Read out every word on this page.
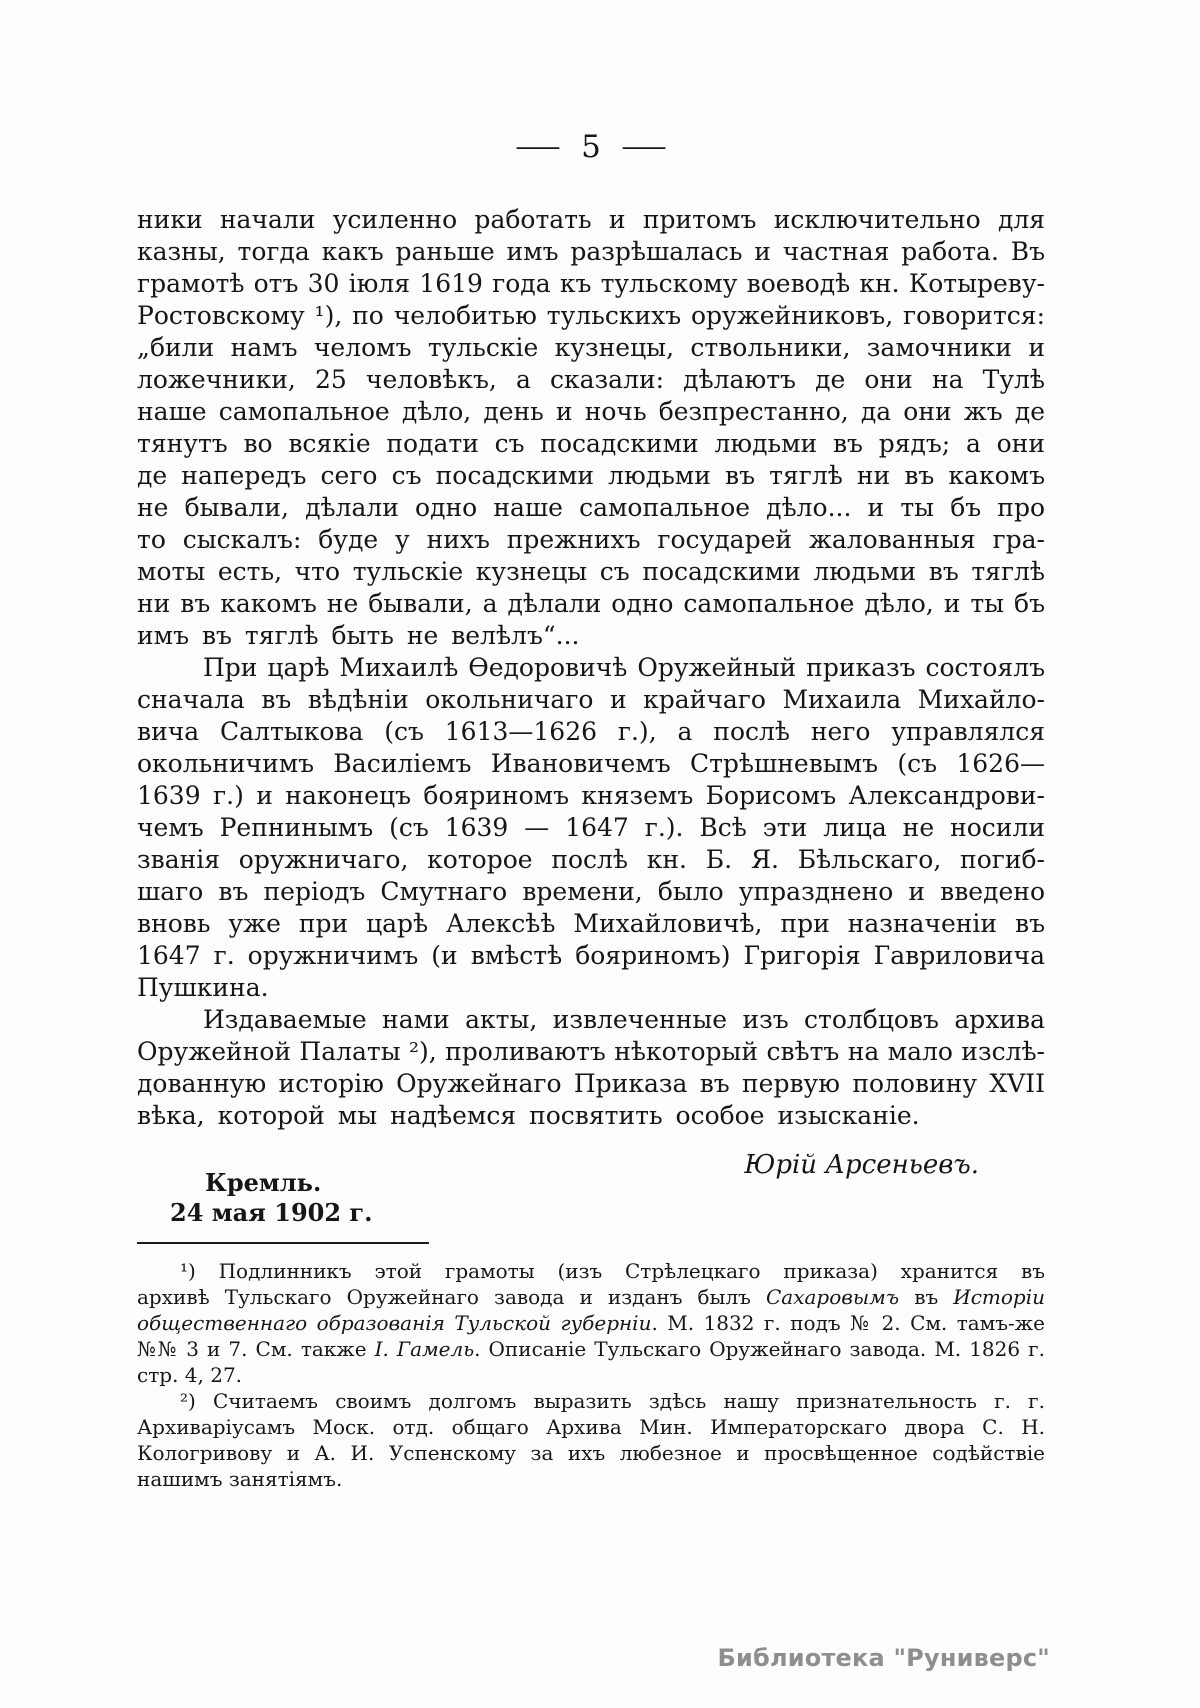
— 5 —
ники начали усиленно работать и притомъ исключительно для
казны, тогда какъ раньше имъ разрѣшалась и частная работа. Въ
грамотѣ отъ 30 іюля 1619 года къ тульскому воеводѣ кн. Котыреву-
Ростовскому ¹), по челобитью тульскихъ оружейниковъ, говорится:
„били намъ челомъ тульскіе кузнецы, ствольники, замочники и
ложечники, 25 человѣкъ, а сказали: дѣлаютъ де они на Тулѣ
наше самопальное дѣло, день и ночь безпрестанно, да они жъ де
тянутъ во всякіе подати съ посадскими людьми въ рядъ; а они
де напередъ сего съ посадскими людьми въ тяглѣ ни въ какомъ
не бывали, дѣлали одно наше самопальное дѣло... и ты бъ про
то сыскалъ: буде у нихъ прежнихъ государей жалованныя гра-
моты есть, что тульскіе кузнецы съ посадскими людьми въ тяглѣ
ни въ какомъ не бывали, а дѣлали одно самопальное дѣло, и ты бъ
имъ въ тяглѣ быть не велѣлъ“...
При царѣ Михаилѣ Ѳедоровичѣ Оружейный приказъ состоялъ
сначала въ вѣдѣніи окольничаго и крайчаго Михаила Михайло-
вича Салтыкова (съ 1613—1626 г.), а послѣ него управлялся
окольничимъ Василіемъ Ивановичемъ Стрѣшневымъ (съ 1626—
1639 г.) и наконецъ бояриномъ княземъ Борисомъ Александрови-
чемъ Репнинымъ (съ 1639 — 1647 г.). Всѣ эти лица не носили
званія оружничаго, которое послѣ кн. Б. Я. Бѣльскаго, погиб-
шаго въ періодъ Смутнаго времени, было упразднено и введено
вновь уже при царѣ Алексѣѣ Михайловичѣ, при назначеніи въ
1647 г. оружничимъ (и вмѣстѣ бояриномъ) Григорія Гавриловича
Пушкина.
Издаваемые нами акты, извлеченные изъ столбцовъ архива
Оружейной Палаты ²), проливаютъ нѣкоторый свѣтъ на мало изслѣ-
дованную исторію Оружейнаго Приказа въ первую половину XVII
вѣка, которой мы надѣемся посвятить особое изысканіе.
Юрій Арсеньевъ.
Кремль.
24 мая 1902 г.
¹) Подлинникъ этой грамоты (изъ Стрѣлецкаго приказа) хранится въ
архивѣ Тульскаго Оружейнаго завода и изданъ былъ Сахаровымъ въ Исторіи
общественнаго образованія Тульской губерніи. М. 1832 г. подъ № 2. См. тамъ-же
№№ 3 и 7. См. также І. Гамель. Описаніе Тульскаго Оружейнаго завода. М. 1826 г.
стр. 4, 27.
²) Считаемъ своимъ долгомъ выразить здѣсь нашу признательность г. г.
Архиваріусамъ Моск. отд. общаго Архива Мин. Императорскаго двора С. Н.
Кологривову и А. И. Успенскому за ихъ любезное и просвѣщенное содѣйствіе
нашимъ занятіямъ.
Библиотека "Руниверс"
